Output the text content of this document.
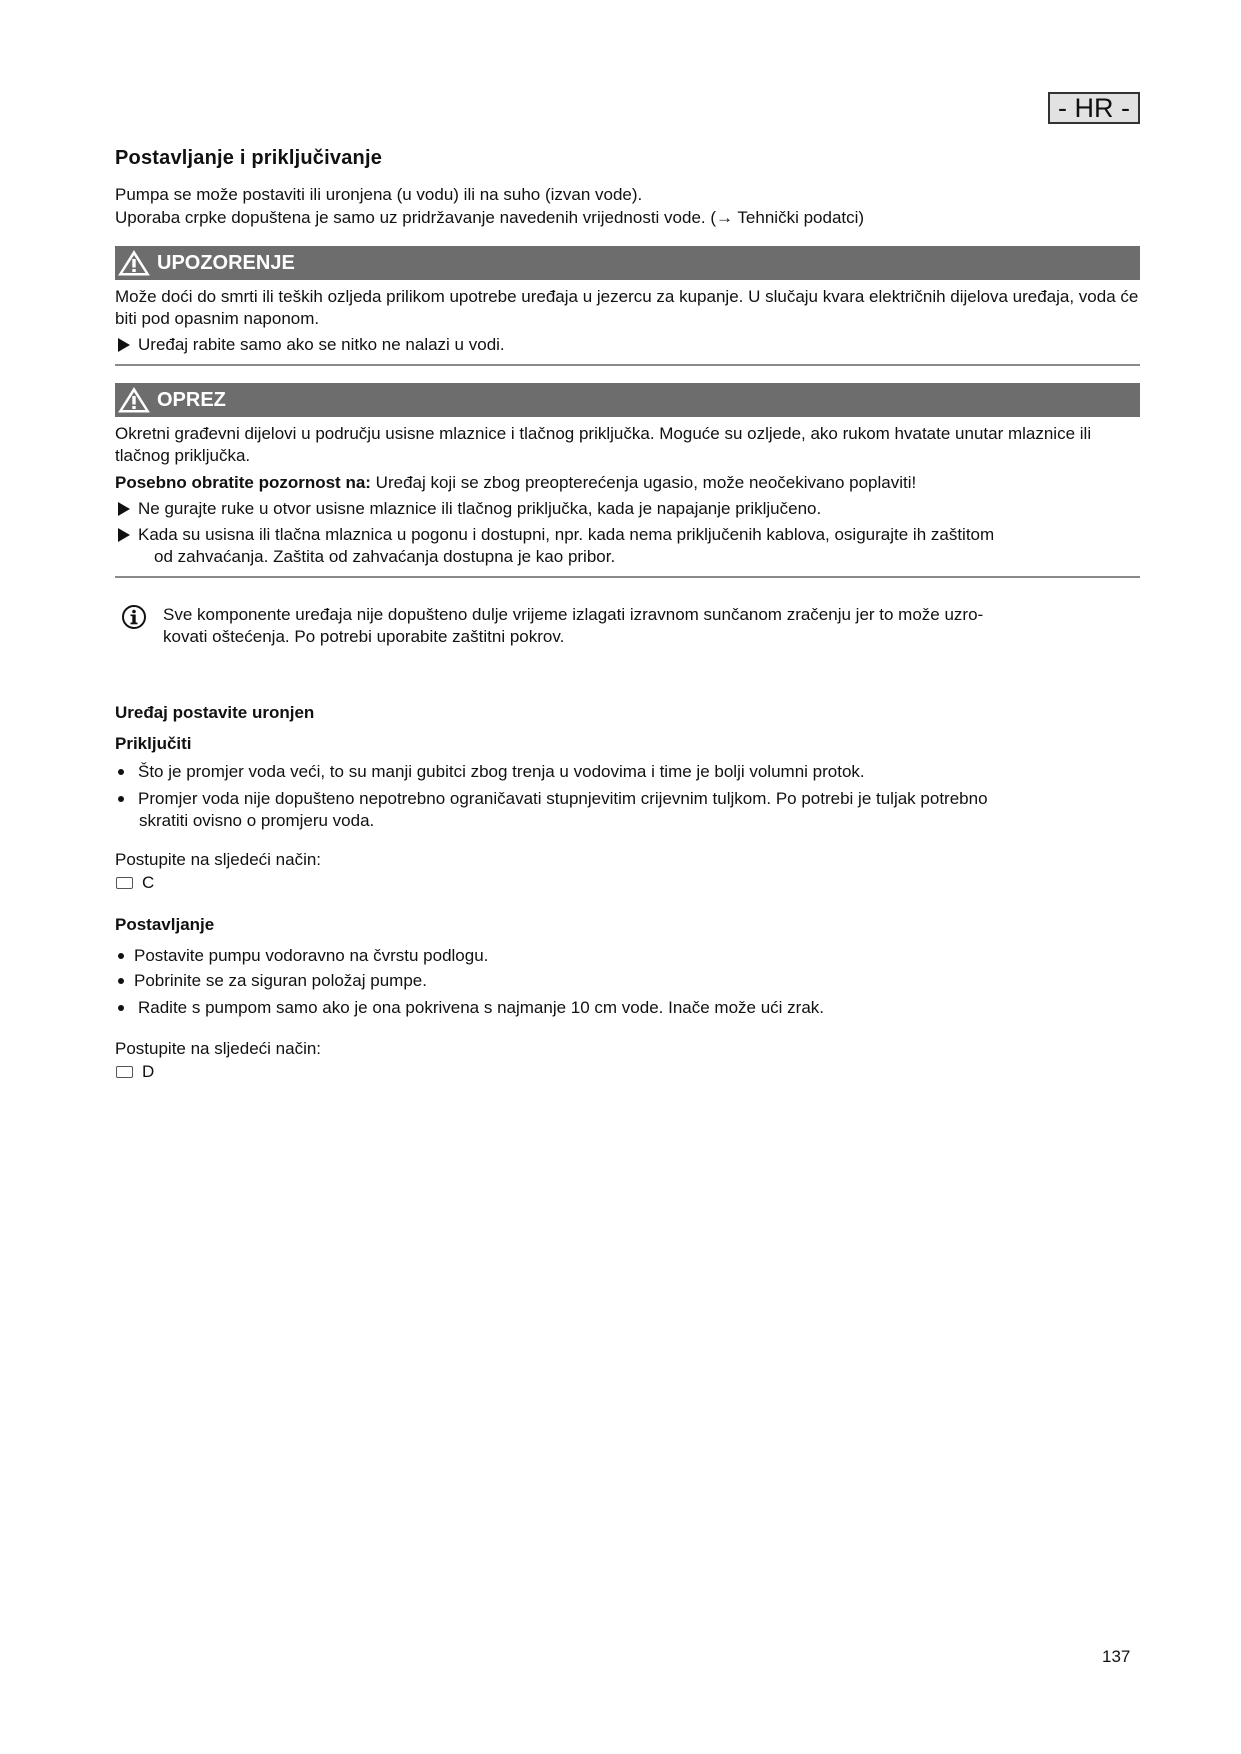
- HR -
Postavljanje i priključivanje

Pumpa se može postaviti ili uronjena (u vodu) ili na suho (izvan vode).

Uporaba crpke dopuštena je samo uz pridržavanje navedenih vrijednosti vode. (→ Tehnički podatci)

UPOZORENJE

Može doći do smrti ili teških ozljeda prilikom upotrebe uređaja u jezercu za kupanje. U slučaju kvara električnih dijelova uređaja, voda će biti pod opasnim naponom.

Uređaj rabite samo ako se nitko ne nalazi u vodi.

OPREZ

Okretni građevni dijelovi u području usisne mlaznice i tlačnog priključka. Moguće su ozljede, ako rukom hvatate unutar mlaznice ili tlačnog priključka.

Posebno obratite pozornost na: Uređaj koji se zbog preopterećenja ugasio, može neočekivano poplaviti!

Ne gurajte ruke u otvor usisne mlaznice ili tlačnog priključka, kada je napajanje priključeno.

Kada su usisna ili tlačna mlaznica u pogonu i dostupni, npr. kada nema priključenih kablova, osigurajte ih zaštitom

od zahvaćanja. Zaštita od zahvaćanja dostupna je kao pribor.

Sve komponente uređaja nije dopušteno dulje vrijeme izlagati izravnom sunčanom zračenju jer to može uzro-

kovati oštećenja. Po potrebi uporabite zaštitni pokrov.

Uređaj postavite uronjen

Priključiti

Što je promjer voda veći, to su manji gubitci zbog trenja u vodovima i time je bolji volumni protok.
Promjer voda nije dopušteno nepotrebno ograničavati stupnjevitim crijevnim tuljkom. Po potrebi je tuljak potrebno
skratiti ovisno o promjeru voda.

Postupite na sljedeći način:

C

Postavljanje

Postavite pumpu vodoravno na čvrstu podlogu.
Pobrinite se za siguran položaj pumpe.
Radite s pumpom samo ako je ona pokrivena s najmanje 10 cm vode. Inače može ući zrak.

Postupite na sljedeći način:

D
137
